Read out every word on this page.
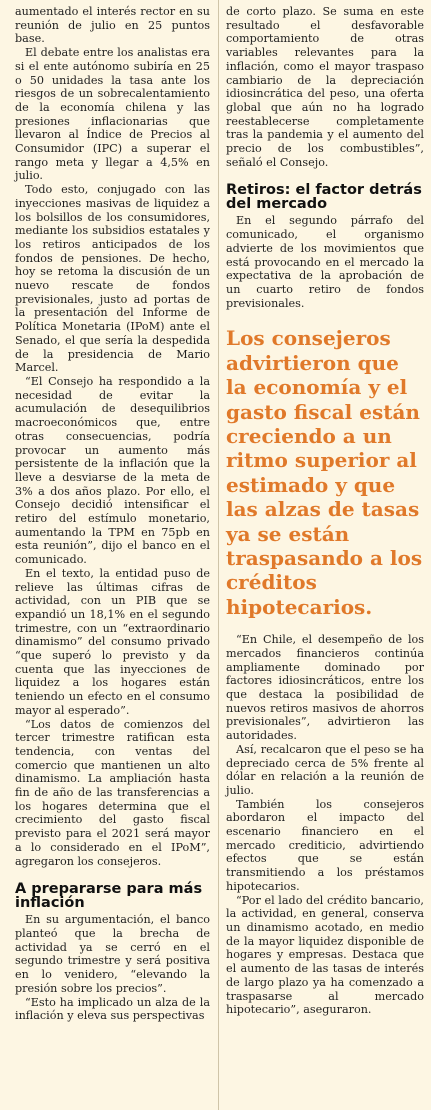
aumentado el interés rector en su reunión de julio en 25 puntos base.

El debate entre los analistas era si el ente autónomo subiría en 25 o 50 unidades la tasa ante los riesgos de un sobrecalentamiento de la economía chilena y las presiones inflacionarias que llevaron al Índice de Precios al Consumidor (IPC) a superar el rango meta y llegar a 4,5% en julio.

Todo esto, conjugado con las inyecciones masivas de liquidez a los bolsillos de los consumidores, mediante los subsidios estatales y los retiros anticipados de los fondos de pensiones. De hecho, hoy se retoma la discusión de un nuevo rescate de fondos previsionales, justo ad portas de la presentación del Informe de Política Monetaria (IPoM) ante el Senado, el que sería la despedida de la presidencia de Mario Marcel.

“El Consejo ha respondido a la necesidad de evitar la acumulación de desequilibrios macroeconómicos que, entre otras consecuencias, podría provocar un aumento más persistente de la inflación que la lleve a desviarse de la meta de 3% a dos años plazo. Por ello, el Consejo decidió intensificar el retiro del estímulo monetario, aumentando la TPM en 75pb en esta reunión”, dijo el banco en el comunicado.

En el texto, la entidad puso de relieve las últimas cifras de actividad, con un PIB que se expandió un 18,1% en el segundo trimestre, con un “extraordinario dinamismo” del consumo privado “que superó lo previsto y da cuenta que las inyecciones de liquidez a los hogares están teniendo un efecto en el consumo mayor al esperado”.

“Los datos de comienzos del tercer trimestre ratifican esta tendencia, con ventas del comercio que mantienen un alto dinamismo. La ampliación hasta fin de año de las transferencias a los hogares determina que el crecimiento del gasto fiscal previsto para el 2021 será mayor a lo considerado en el IPoM”, agregaron los consejeros.

A prepararse para más inflación

En su argumentación, el banco planteó que la brecha de actividad ya se cerró en el segundo trimestre y será positiva en lo venidero, “elevando la presión sobre los precios”.

“Esto ha implicado un alza de la inflación y eleva sus perspectivas

de corto plazo. Se suma en este resultado el desfavorable comportamiento de otras variables relevantes para la inflación, como el mayor traspaso cambiario de la depreciación idiosincrática del peso, una oferta global que aún no ha logrado reestablecerse completamente tras la pandemia y el aumento del precio de los combustibles”, señaló el Consejo.

Retiros: el factor detrás del mercado

En el segundo párrafo del comunicado, el organismo advierte de los movimientos que está provocando en el mercado la expectativa de la aprobación de un cuarto retiro de fondos previsionales.

Los consejeros advirtieron que la economía y el gasto fiscal están creciendo a un ritmo superior al estimado y que las alzas de tasas ya se están traspasando a los créditos hipotecarios.

“En Chile, el desempeño de los mercados financieros continúa ampliamente dominado por factores idiosincráticos, entre los que destaca la posibilidad de nuevos retiros masivos de ahorros previsionales”, advirtieron las autoridades.

Así, recalcaron que el peso se ha depreciado cerca de 5% frente al dólar en relación a la reunión de julio.

También los consejeros abordaron el impacto del escenario financiero en el mercado crediticio, advirtiendo efectos que se están transmitiendo a los préstamos hipotecarios.

“Por el lado del crédito bancario, la actividad, en general, conserva un dinamismo acotado, en medio de la mayor liquidez disponible de hogares y empresas. Destaca que el aumento de las tasas de interés de largo plazo ya ha comenzado a traspasarse al mercado hipotecario”, aseguraron.
